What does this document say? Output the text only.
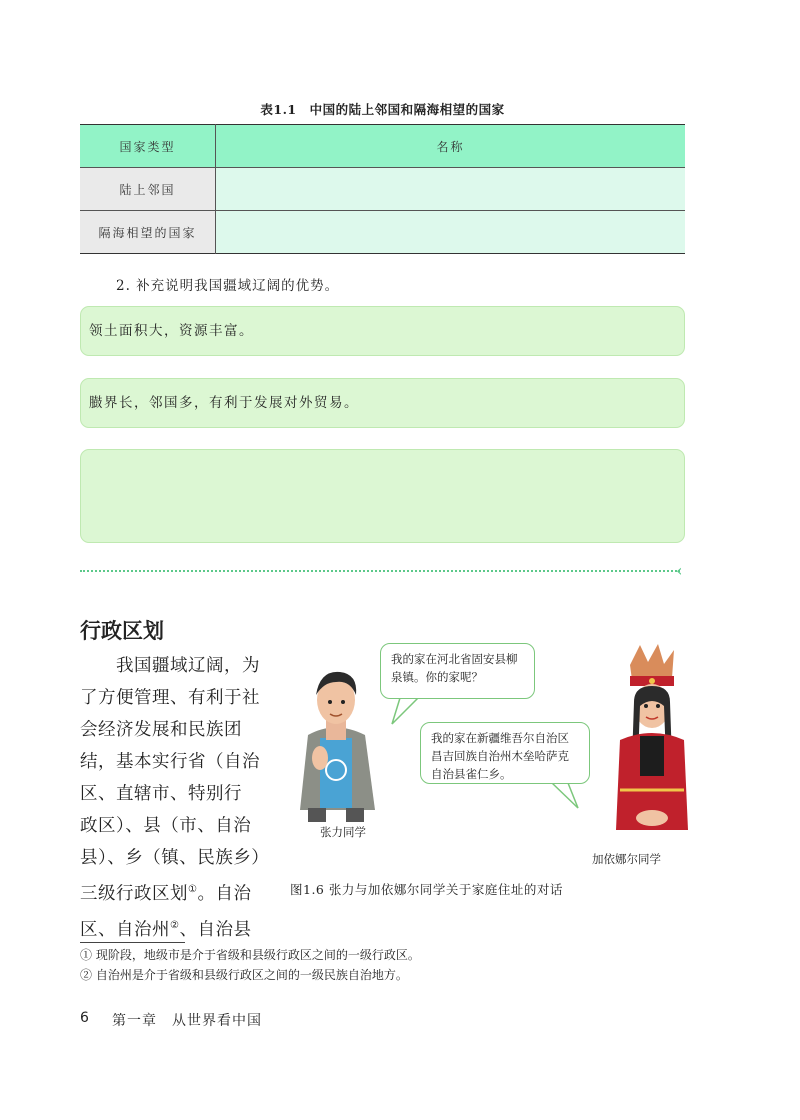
表1.1　中国的陆上邻国和隔海相望的国家
国家类型	名称
陆上邻国	
隔海相望的国家	
2. 补充说明我国疆域辽阔的优势。
领土面积大，资源丰富。
臌界长，邻国多，有利于发展对外贸易。
‹
行政区划
　　我国疆域辽阔，为
了方便管理、有利于社
会经济发展和民族团
结，基本实行省（自治
区、直辖市、特别行
政区）、县（市、自治
县）、乡（镇、民族乡）
三级行政区划①。自治
区、自治州②、自治县
我的家在河北省固安县柳泉镇。你的家呢？
我的家在新疆维吾尔自治区昌吉回族自治州木垒哈萨克自治县雀仁乡。
张力同学
加依娜尔同学
图1.6 张力与加依娜尔同学关于家庭住址的对话
① 现阶段，地级市是介于省级和县级行政区之间的一级行政区。
② 自治州是介于省级和县级行政区之间的一级民族自治地方。
6 第一章　从世界看中国
